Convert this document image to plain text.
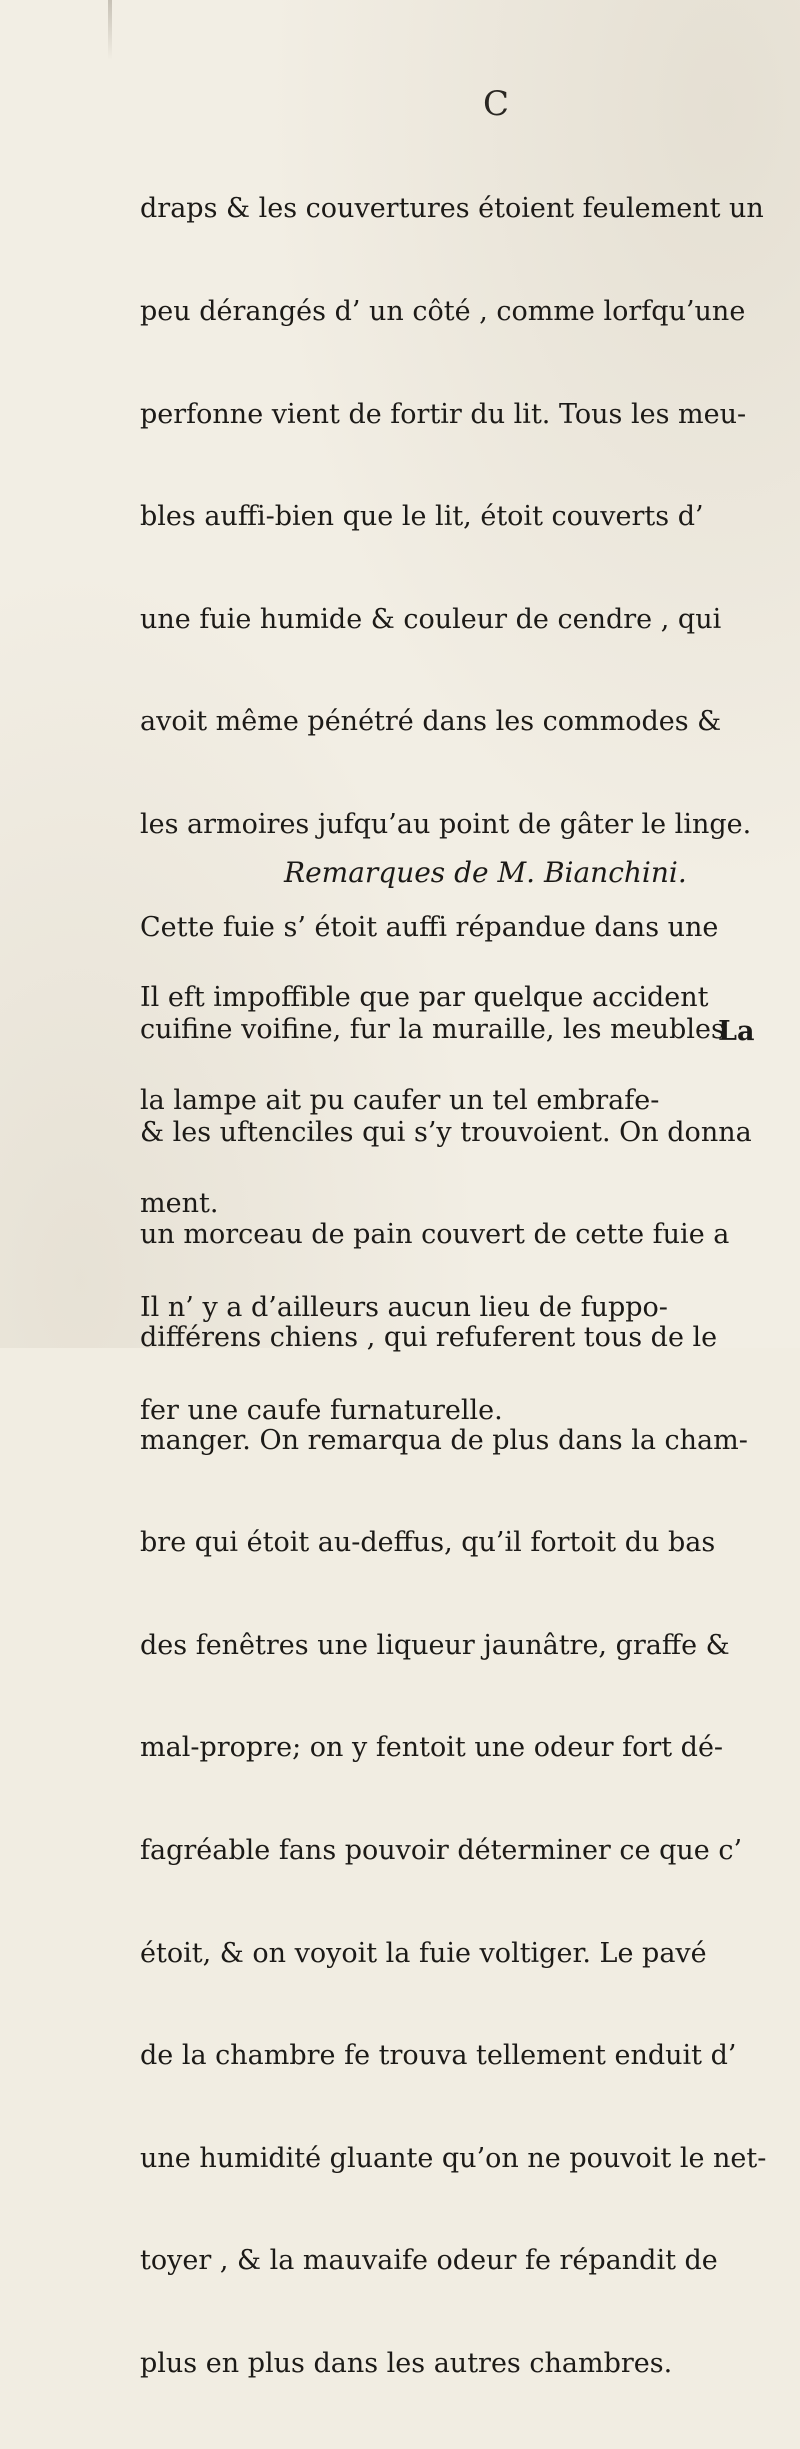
C

draps & les couvertures étoient feulement un

peu dérangés d’ un côté , comme lorfqu’une

perfonne vient de fortir du lit. Tous les meu-

bles auffi-bien que le lit, étoit couverts d’

une fuie humide & couleur de cendre , qui

avoit même pénétré dans les commodes &

les armoires jufqu’au point de gâter le linge.

Cette fuie s’ étoit auffi répandue dans une

cuifine voifine, fur la muraille, les meubles

& les uftenciles qui s’y trouvoient. On donna

un morceau de pain couvert de cette fuie a

différens chiens , qui refuferent tous de le

manger. On remarqua de plus dans la cham-

bre qui étoit au-deffus, qu’il fortoit du bas

des fenêtres une liqueur jaunâtre, graffe &

mal-propre; on y fentoit une odeur fort dé-

fagréable fans pouvoir déterminer ce que c’

étoit, & on voyoit la fuie voltiger. Le pavé

de la chambre fe trouva tellement enduit d’

une humidité gluante qu’on ne pouvoit le net-

toyer , & la mauvaife odeur fe répandit de

plus en plus dans les autres chambres.

Remarques de M. Bianchini.

Il eft impoffible que par quelque accident

la lampe ait pu caufer un tel embrafe-

ment.

Il n’ y a d’ailleurs aucun lieu de fuppo-

fer une caufe furnaturelle.

La
